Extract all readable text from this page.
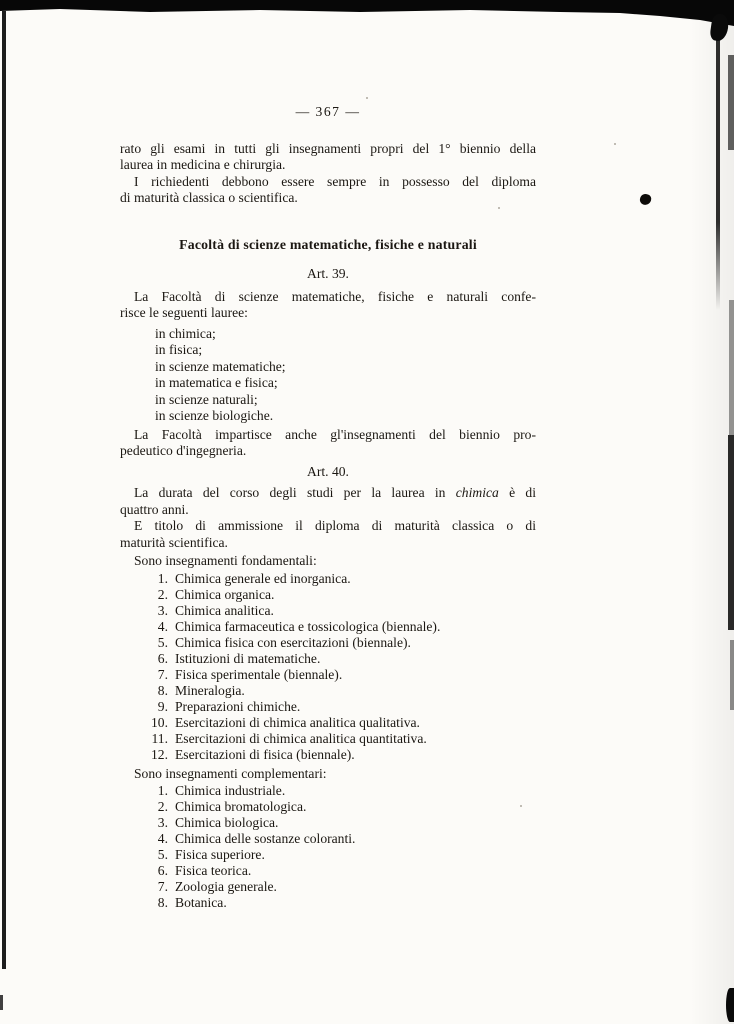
— 367 —
rato gli esami in tutti gli insegnamenti propri del 1° biennio della
laurea in medicina e chirurgia.
I richiedenti debbono essere sempre in possesso del diploma
di maturità classica o scientifica.
Facoltà di scienze matematiche, fisiche e naturali
Art. 39.
La Facoltà di scienze matematiche, fisiche e naturali confe-
risce le seguenti lauree:
in chimica;
in fisica;
in scienze matematiche;
in matematica e fisica;
in scienze naturali;
in scienze biologiche.
La Facoltà impartisce anche gl'insegnamenti del biennio pro-
pedeutico d'ingegneria.
Art. 40.
La durata del corso degli studi per la laurea in chimica è di
quattro anni.
E titolo di ammissione il diploma di maturità classica o di
maturità scientifica.
Sono insegnamenti fondamentali:
1. Chimica generale ed inorganica.
2. Chimica organica.
3. Chimica analitica.
4. Chimica farmaceutica e tossicologica (biennale).
5. Chimica fisica con esercitazioni (biennale).
6. Istituzioni di matematiche.
7. Fisica sperimentale (biennale).
8. Mineralogia.
9. Preparazioni chimiche.
10. Esercitazioni di chimica analitica qualitativa.
11. Esercitazioni di chimica analitica quantitativa.
12. Esercitazioni di fisica (biennale).
Sono insegnamenti complementari:
1. Chimica industriale.
2. Chimica bromatologica.
3. Chimica biologica.
4. Chimica delle sostanze coloranti.
5. Fisica superiore.
6. Fisica teorica.
7. Zoologia generale.
8. Botanica.
